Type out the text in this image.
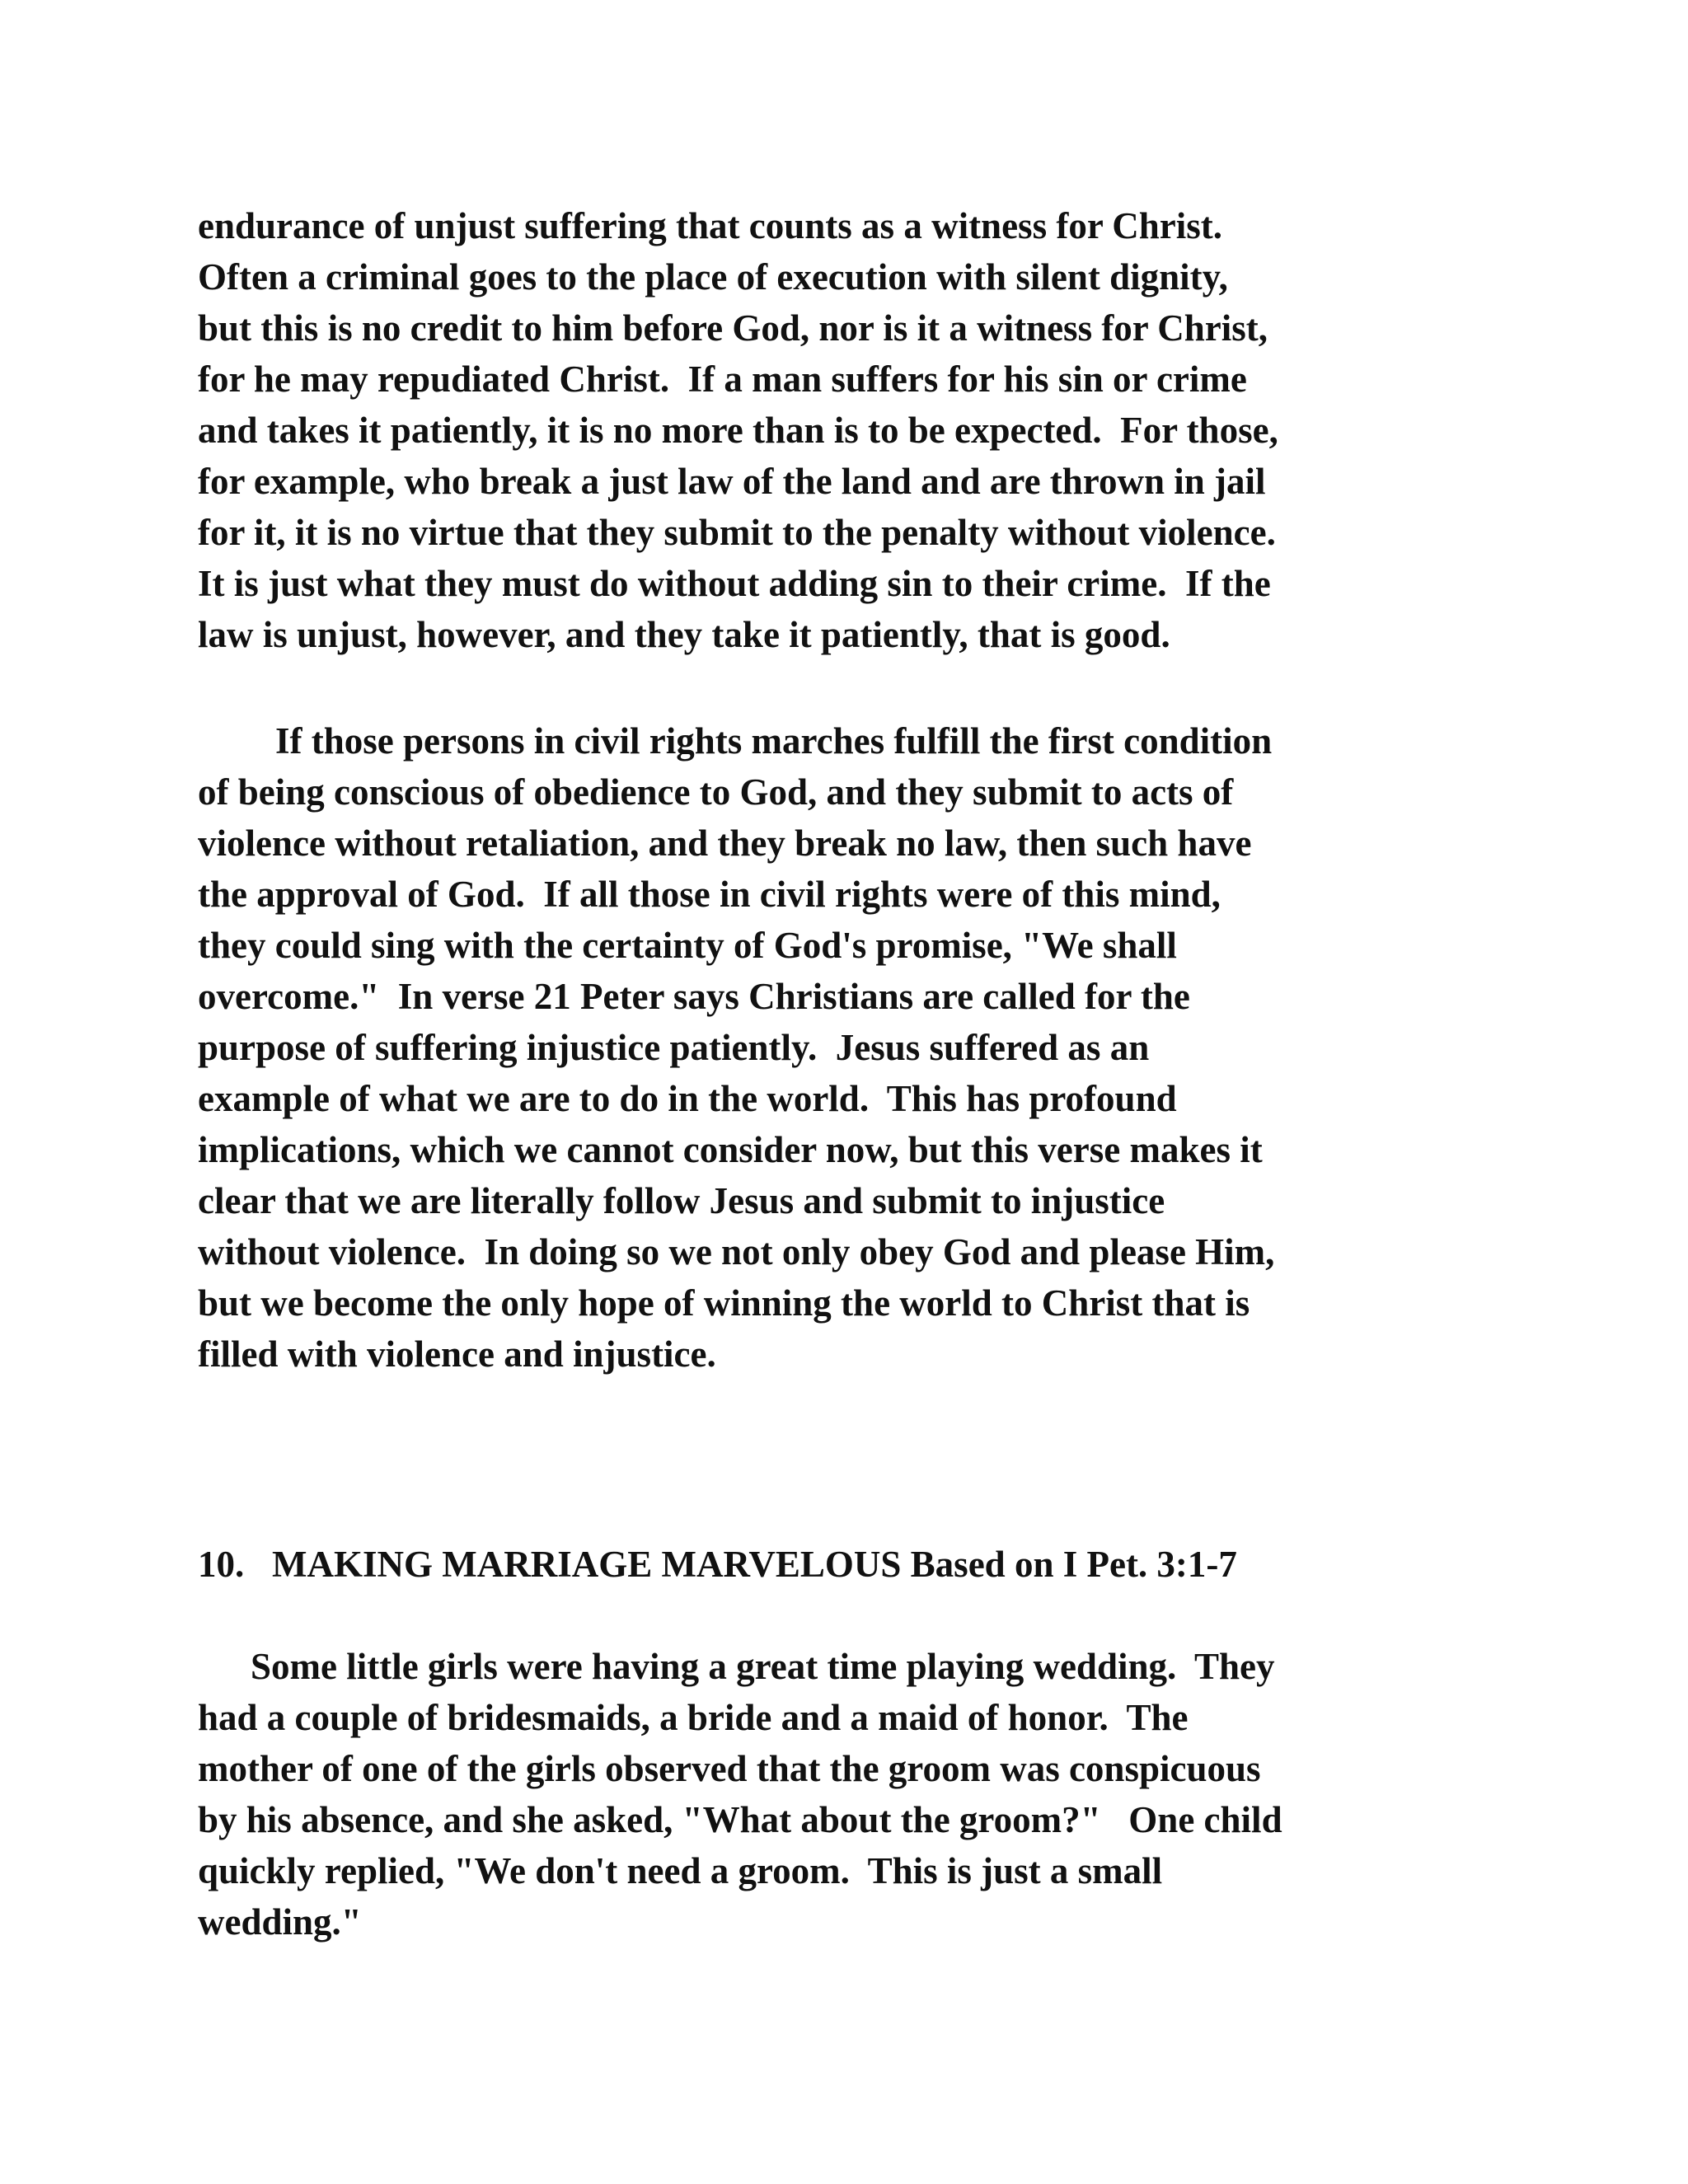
endurance of unjust suffering that counts as a witness for Christ.
Often a criminal goes to the place of execution with silent dignity,
but this is no credit to him before God, nor is it a witness for Christ,
for he may repudiated Christ.  If a man suffers for his sin or crime
and takes it patiently, it is no more than is to be expected.  For those,
for example, who break a just law of the land and are thrown in jail
for it, it is no virtue that they submit to the penalty without violence.
It is just what they must do without adding sin to their crime.  If the
law is unjust, however, and they take it patiently, that is good.
If those persons in civil rights marches fulfill the first condition
of being conscious of obedience to God, and they submit to acts of
violence without retaliation, and they break no law, then such have
the approval of God.  If all those in civil rights were of this mind,
they could sing with the certainty of God's promise, "We shall
overcome."  In verse 21 Peter says Christians are called for the
purpose of suffering injustice patiently.  Jesus suffered as an
example of what we are to do in the world.  This has profound
implications, which we cannot consider now, but this verse makes it
clear that we are literally follow Jesus and submit to injustice
without violence.  In doing so we not only obey God and please Him,
but we become the only hope of winning the world to Christ that is
filled with violence and injustice.
10.   MAKING MARRIAGE MARVELOUS Based on I Pet. 3:1-7
Some little girls were having a great time playing wedding.  They
had a couple of bridesmaids, a bride and a maid of honor.  The
mother of one of the girls observed that the groom was conspicuous
by his absence, and she asked, "What about the groom?"   One child
quickly replied, "We don't need a groom.  This is just a small
wedding."
